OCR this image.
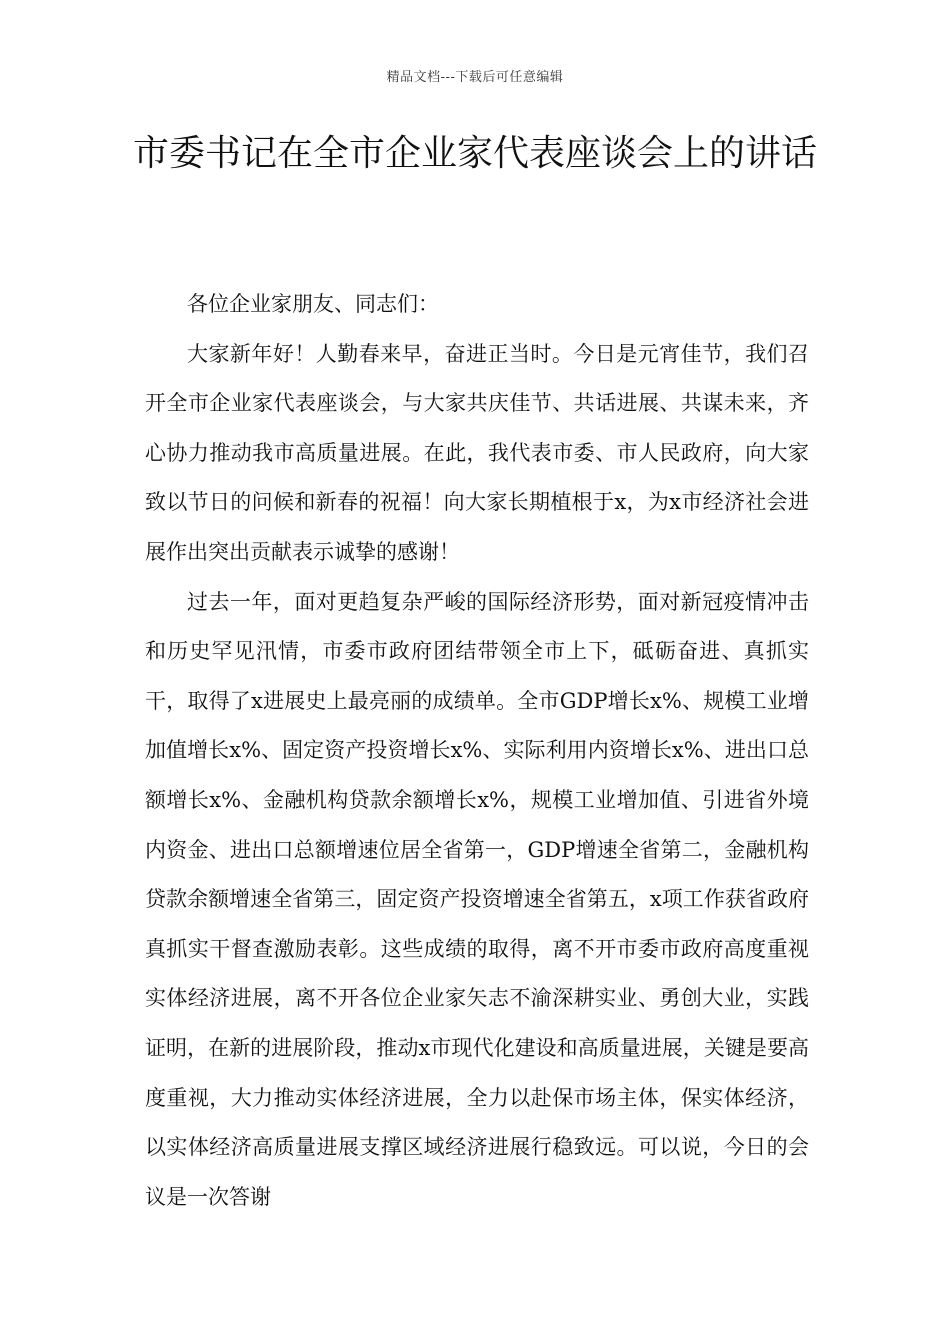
精品文档---下载后可任意编辑
市委书记在全市企业家代表座谈会上的讲话

各位企业家朋友、同志们：

大家新年好！人勤春来早，奋进正当时。今日是元宵佳节，我们召开全市企业家代表座谈会，与大家共庆佳节、共话进展、共谋未来，齐心协力推动我市高质量进展。在此，我代表市委、市人民政府，向大家致以节日的问候和新春的祝福！向大家长期植根于x，为x市经济社会进展作出突出贡献表示诚挚的感谢！

过去一年，面对更趋复杂严峻的国际经济形势，面对新冠疫情冲击和历史罕见汛情，市委市政府团结带领全市上下，砥砺奋进、真抓实干，取得了x进展史上最亮丽的成绩单。全市GDP增长x%、规模工业增加值增长x%、固定资产投资增长x%、实际利用内资增长x%、进出口总额增长x%、金融机构贷款余额增长x%，规模工业增加值、引进省外境内资金、进出口总额增速位居全省第一，GDP增速全省第二，金融机构贷款余额增速全省第三，固定资产投资增速全省第五，x项工作获省政府真抓实干督查激励表彰。这些成绩的取得，离不开市委市政府高度重视实体经济进展，离不开各位企业家矢志不渝深耕实业、勇创大业，实践证明，在新的进展阶段，推动x市现代化建设和高质量进展，关键是要高度重视，大力推动实体经济进展，全力以赴保市场主体，保实体经济，以实体经济高质量进展支撑区域经济进展行稳致远。可以说，今日的会议是一次答谢
